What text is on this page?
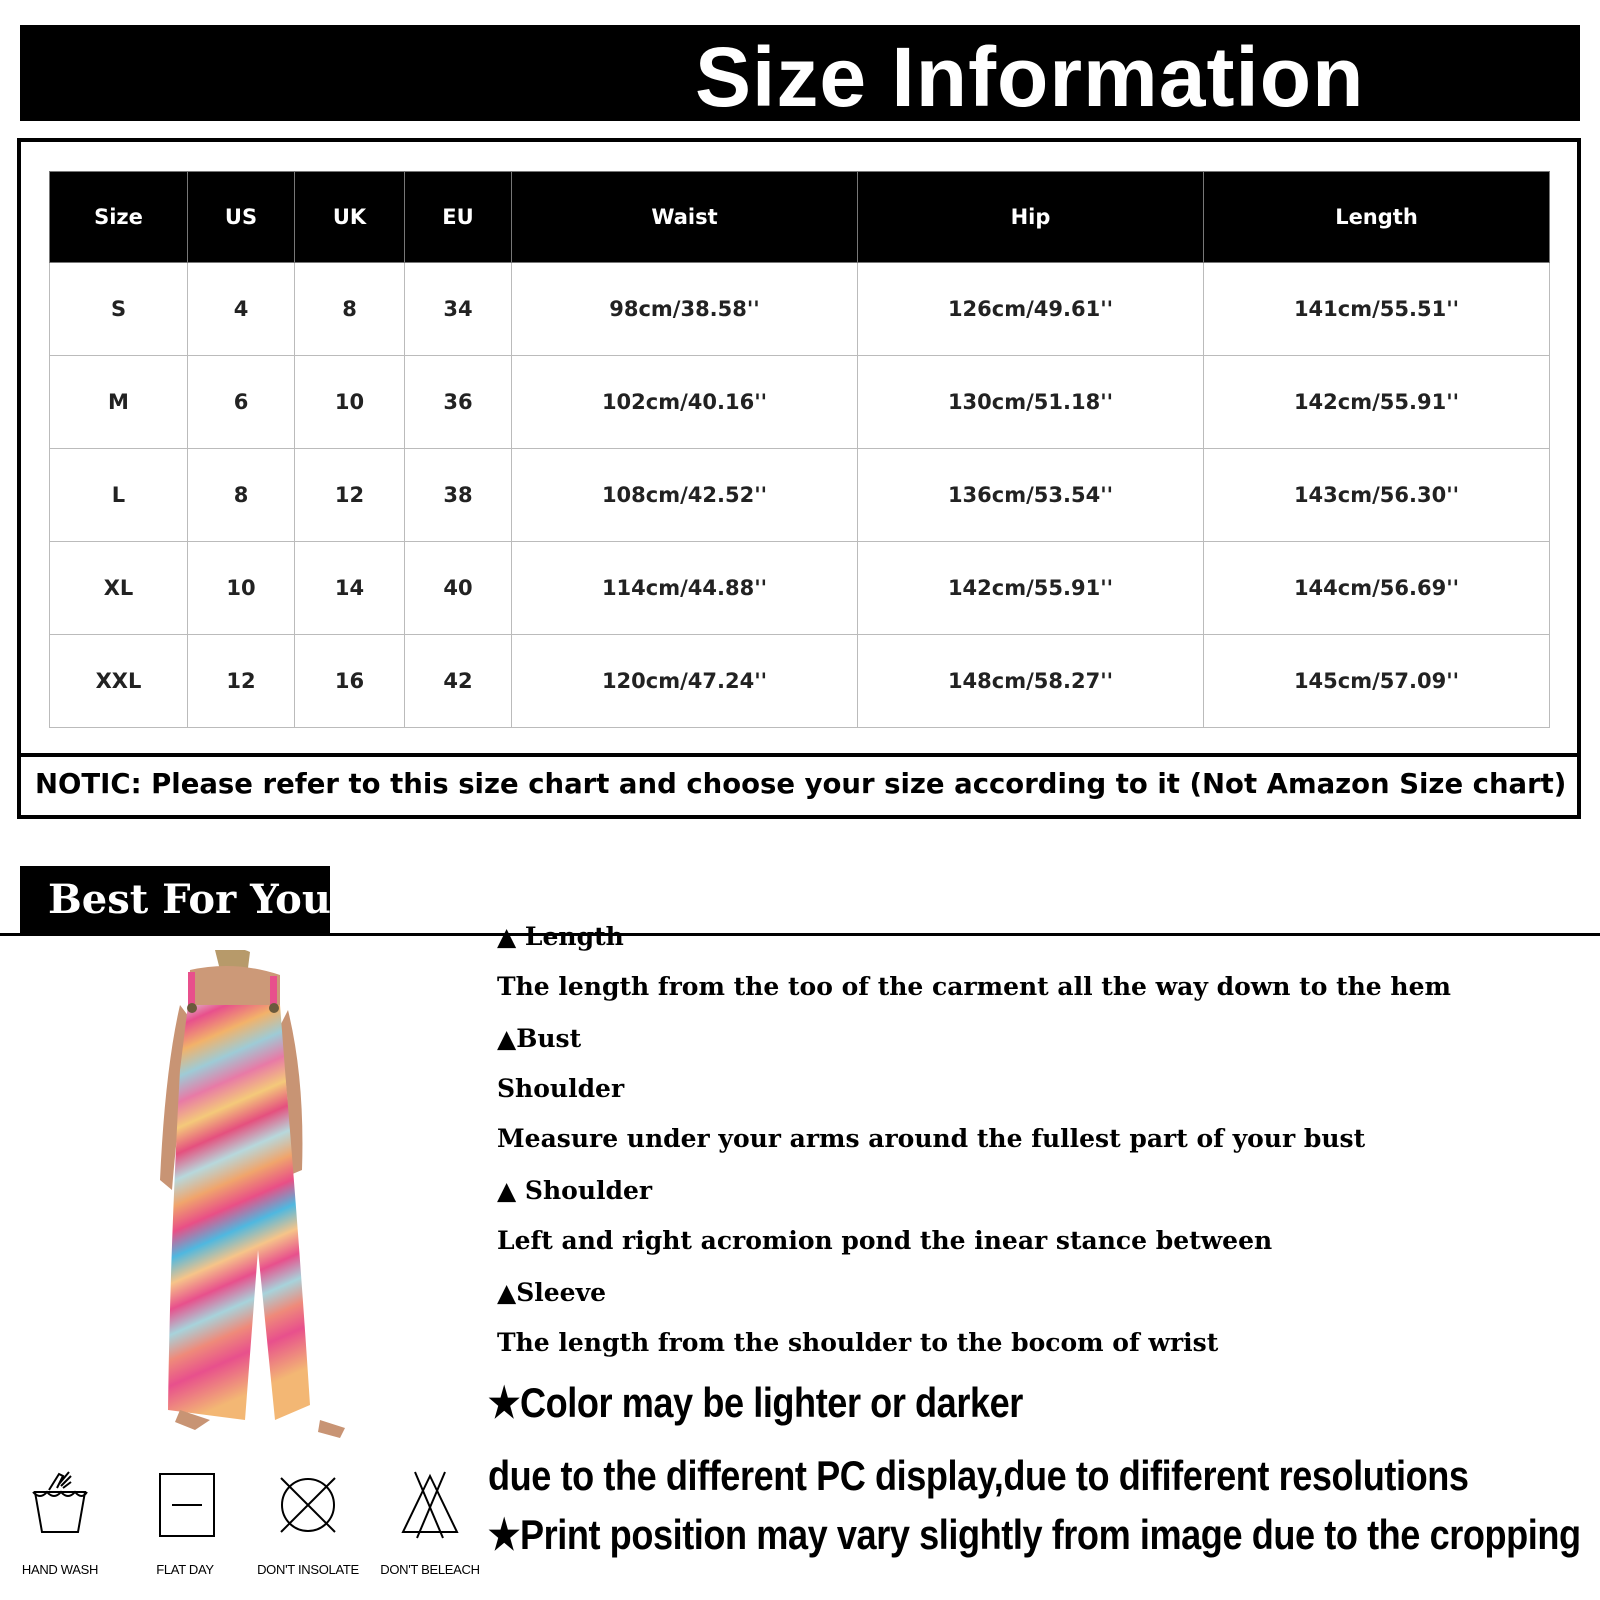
Size Information
Size	US	UK	EU	Waist	Hip	Length
S	4	8	34	98cm/38.58''	126cm/49.61''	141cm/55.51''
M	6	10	36	102cm/40.16''	130cm/51.18''	142cm/55.91''
L	8	12	38	108cm/42.52''	136cm/53.54''	143cm/56.30''
XL	10	14	40	114cm/44.88''	142cm/55.91''	144cm/56.69''
XXL	12	16	42	120cm/47.24''	148cm/58.27''	145cm/57.09''
NOTIC: Please refer to this size chart and choose your size according to it (Not Amazon Size chart)
Best For You
▲ Length
The length from the too of the carment all the way down to the hem
▲Bust
Shoulder
Measure under your arms around the fullest part of your bust
▲ Shoulder
Left and right acromion pond the inear stance between
▲Sleeve
The length from the shoulder to the bocom of wrist
★Color may be lighter or darker
due to the different PC display,due to dififerent resolutions
★Print position may vary slightly from image due to the cropping
HAND WASH	FLAT DAY	DON'T INSOLATE	DON'T BELEACH
